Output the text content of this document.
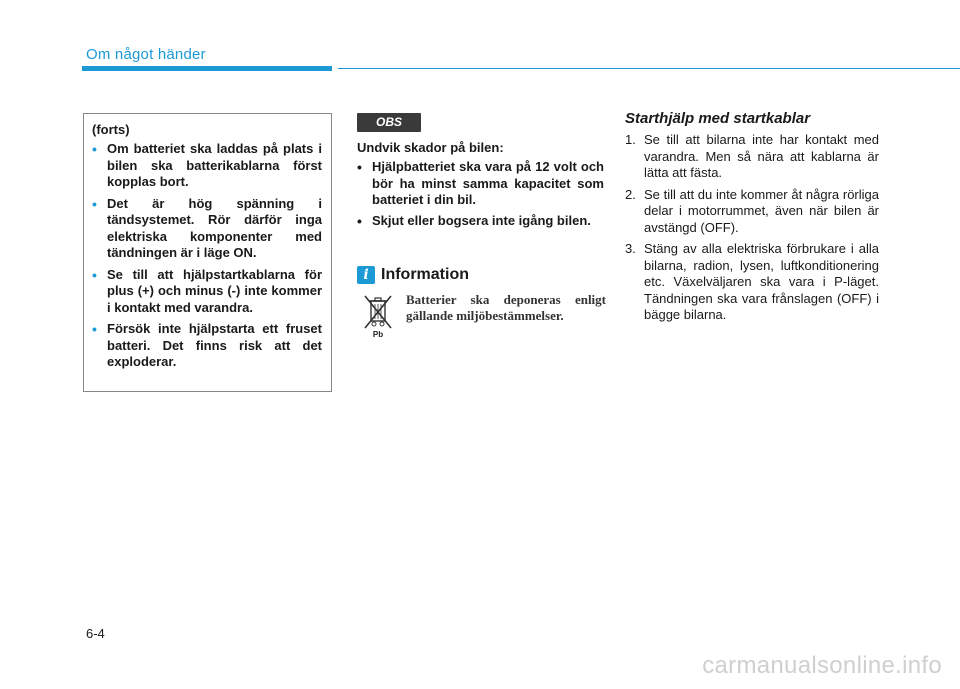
Om något händer
(forts)
• Om batteriet ska laddas på plats i bilen ska batterikablarna först kopplas bort.
• Det är hög spänning i tändsystemet. Rör därför inga elektriska komponenter med tändningen är i läge ON.
• Se till att hjälpstartkablarna för plus (+) och minus (-) inte kommer i kontakt med varandra.
• Försök inte hjälpstarta ett fruset batteri. Det finns risk att det exploderar.
OBS
Undvik skador på bilen:
• Hjälpbatteriet ska vara på 12 volt och bör ha minst samma kapacitet som batteriet i din bil.
• Skjut eller bogsera inte igång bilen.
i Information
Pb
Batterier ska deponeras enligt gällande miljöbestämmelser.
Starthjälp med startkablar
1. Se till att bilarna inte har kontakt med varandra. Men så nära att kablarna är lätta att fästa.
2. Se till att du inte kommer åt några rörliga delar i motorrummet, även när bilen är avstängd (OFF).
3. Stäng av alla elektriska förbrukare i alla bilarna, radion, lysen, luftkonditionering etc. Växelväljaren ska vara i P-läget. Tändningen ska vara frånslagen (OFF) i bägge bilarna.
6-4
carmanualsonline.info
